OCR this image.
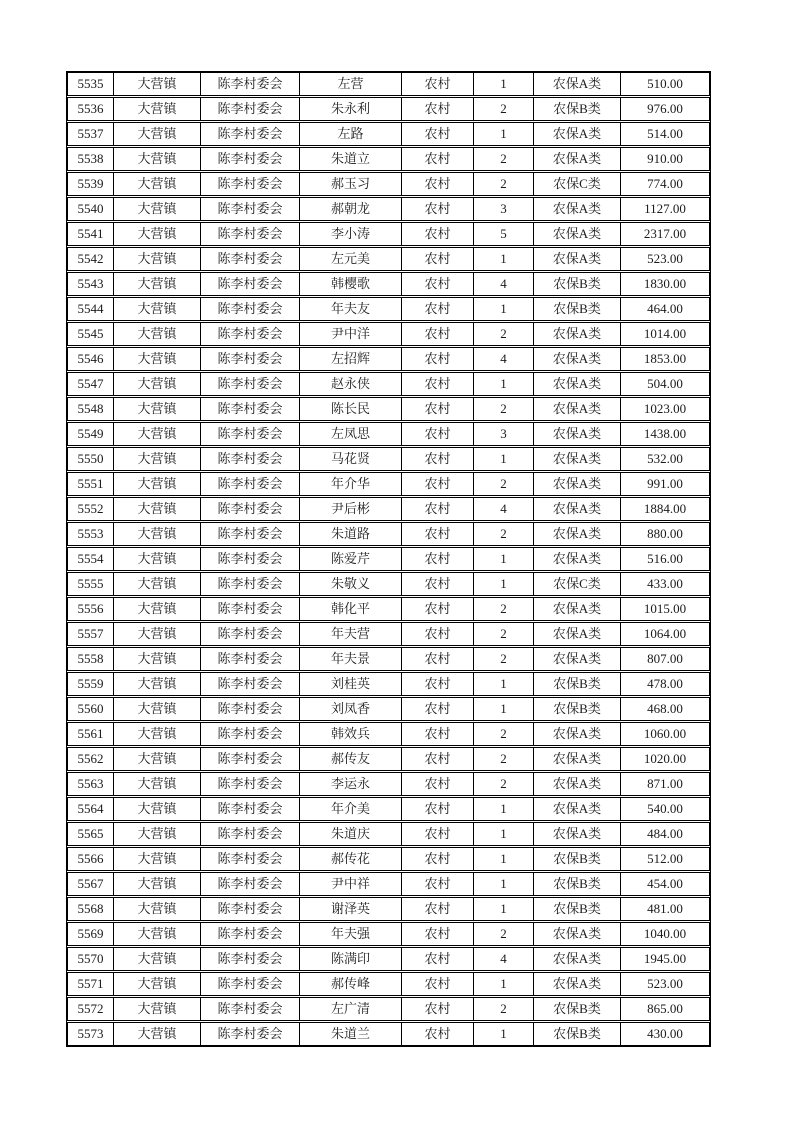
5535	大营镇	陈李村委会	左营	农村	1	农保A类	510.00
5536	大营镇	陈李村委会	朱永利	农村	2	农保B类	976.00
5537	大营镇	陈李村委会	左路	农村	1	农保A类	514.00
5538	大营镇	陈李村委会	朱道立	农村	2	农保A类	910.00
5539	大营镇	陈李村委会	郝玉习	农村	2	农保C类	774.00
5540	大营镇	陈李村委会	郝朝龙	农村	3	农保A类	1127.00
5541	大营镇	陈李村委会	李小涛	农村	5	农保A类	2317.00
5542	大营镇	陈李村委会	左元美	农村	1	农保A类	523.00
5543	大营镇	陈李村委会	韩樱歌	农村	4	农保B类	1830.00
5544	大营镇	陈李村委会	年夫友	农村	1	农保B类	464.00
5545	大营镇	陈李村委会	尹中洋	农村	2	农保A类	1014.00
5546	大营镇	陈李村委会	左招辉	农村	4	农保A类	1853.00
5547	大营镇	陈李村委会	赵永侠	农村	1	农保A类	504.00
5548	大营镇	陈李村委会	陈长民	农村	2	农保A类	1023.00
5549	大营镇	陈李村委会	左凤思	农村	3	农保A类	1438.00
5550	大营镇	陈李村委会	马花贤	农村	1	农保A类	532.00
5551	大营镇	陈李村委会	年介华	农村	2	农保A类	991.00
5552	大营镇	陈李村委会	尹后彬	农村	4	农保A类	1884.00
5553	大营镇	陈李村委会	朱道路	农村	2	农保A类	880.00
5554	大营镇	陈李村委会	陈爱芹	农村	1	农保A类	516.00
5555	大营镇	陈李村委会	朱敬义	农村	1	农保C类	433.00
5556	大营镇	陈李村委会	韩化平	农村	2	农保A类	1015.00
5557	大营镇	陈李村委会	年夫营	农村	2	农保A类	1064.00
5558	大营镇	陈李村委会	年夫景	农村	2	农保A类	807.00
5559	大营镇	陈李村委会	刘桂英	农村	1	农保B类	478.00
5560	大营镇	陈李村委会	刘凤香	农村	1	农保B类	468.00
5561	大营镇	陈李村委会	韩效兵	农村	2	农保A类	1060.00
5562	大营镇	陈李村委会	郝传友	农村	2	农保A类	1020.00
5563	大营镇	陈李村委会	李运永	农村	2	农保A类	871.00
5564	大营镇	陈李村委会	年介美	农村	1	农保A类	540.00
5565	大营镇	陈李村委会	朱道庆	农村	1	农保A类	484.00
5566	大营镇	陈李村委会	郝传花	农村	1	农保B类	512.00
5567	大营镇	陈李村委会	尹中祥	农村	1	农保B类	454.00
5568	大营镇	陈李村委会	谢泽英	农村	1	农保B类	481.00
5569	大营镇	陈李村委会	年夫强	农村	2	农保A类	1040.00
5570	大营镇	陈李村委会	陈满印	农村	4	农保A类	1945.00
5571	大营镇	陈李村委会	郝传峰	农村	1	农保A类	523.00
5572	大营镇	陈李村委会	左广清	农村	2	农保B类	865.00
5573	大营镇	陈李村委会	朱道兰	农村	1	农保B类	430.00
